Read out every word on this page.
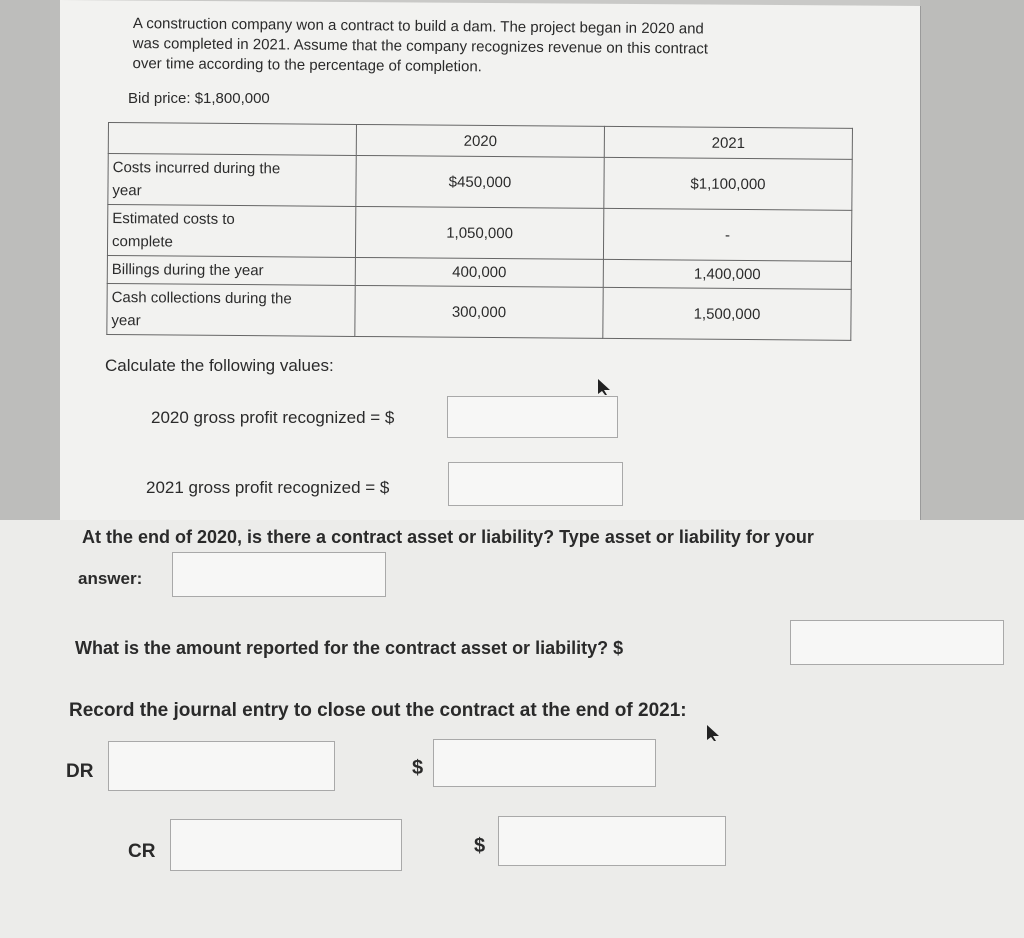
A construction company won a contract to build a dam. The project began in 2020 and
was completed in 2021. Assume that the company recognizes revenue on this contract
over time according to the percentage of completion.
Bid price: $1,800,000
	2020	2021
Costs incurred during the
year	$450,000	$1,100,000
Estimated costs to
complete	1,050,000	-
Billings during the year	400,000	1,400,000
Cash collections during the
year	300,000	1,500,000
Calculate the following values:
2020 gross profit recognized = $
2021 gross profit recognized = $
At the end of 2020, is there a contract asset or liability? Type asset or liability for your
answer:
What is the amount reported for the contract asset or liability? $
Record the journal entry to close out the contract at the end of 2021:
DR	$
CR	$
